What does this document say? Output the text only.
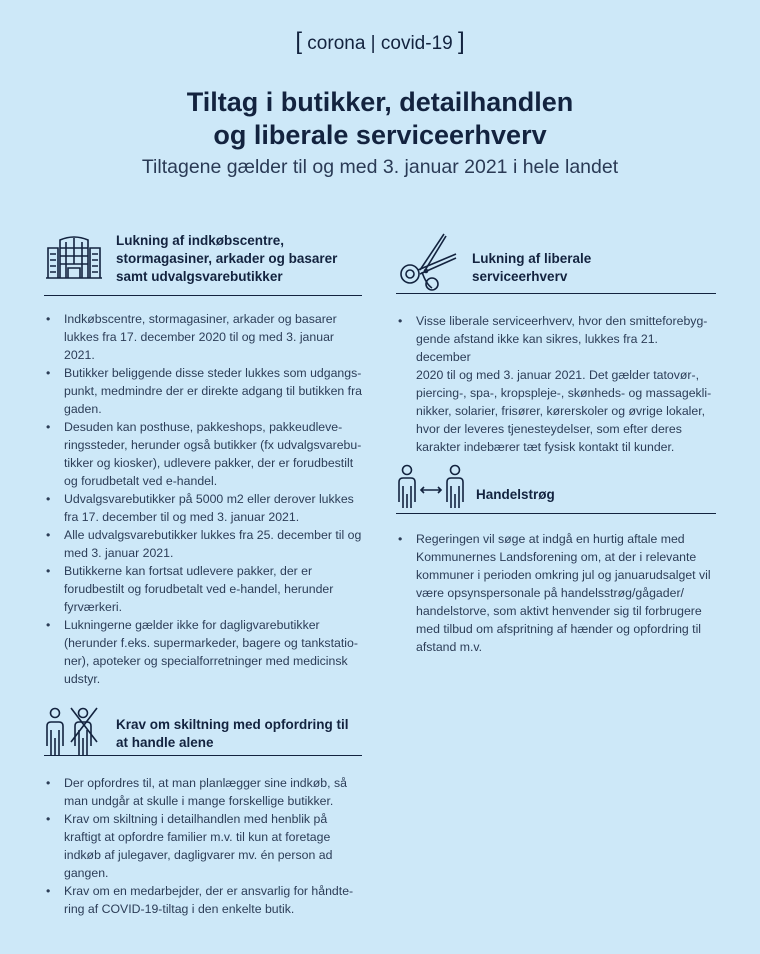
[ corona | covid-19 ]
Tiltag i butikker, detailhandlen
og liberale serviceerhverv
Tiltagene gælder til og med 3. januar 2021 i hele landet
Lukning af indkøbscentre,
stormagasiner, arkader og basarer
samt udvalgsvarebutikker
• Indkøbscentre, stormagasiner, arkader og basarer
lukkes fra 17. december 2020 til og med 3. januar
2021.
• Butikker beliggende disse steder lukkes som udgangs-
punkt, medmindre der er direkte adgang til butikken fra
gaden.
• Desuden kan posthuse, pakkeshops, pakkeudleve-
ringssteder, herunder også butikker (fx udvalgsvarebu-
tikker og kiosker), udlevere pakker, der er forudbestilt
og forudbetalt ved e-handel.
• Udvalgsvarebutikker på 5000 m2 eller derover lukkes
fra 17. december til og med 3. januar 2021.
• Alle udvalgsvarebutikker lukkes fra 25. december til og
med 3. januar 2021.
• Butikkerne kan fortsat udlevere pakker, der er
forudbestilt og forudbetalt ved e-handel, herunder
fyrværkeri.
• Lukningerne gælder ikke for dagligvarebutikker
(herunder f.eks. supermarkeder, bagere og tankstatio-
ner), apoteker og specialforretninger med medicinsk
udstyr.
Lukning af liberale
serviceerhverv
• Visse liberale serviceerhverv, hvor den smitteforebyg-
gende afstand ikke kan sikres, lukkes fra 21. december
2020 til og med 3. januar 2021. Det gælder tatovør-,
piercing-, spa-, kropspleje-, skønheds- og massagekli-
nikker, solarier, frisører, kørerskoler og øvrige lokaler,
hvor der leveres tjenesteydelser, som efter deres
karakter indebærer tæt fysisk kontakt til kunder.
Handelstrøg
• Regeringen vil søge at indgå en hurtig aftale med
Kommunernes Landsforening om, at der i relevante
kommuner i perioden omkring jul og januarudsalget vil
være opsynspersonale på handelsstrøg/gågader/
handelstorve, som aktivt henvender sig til forbrugere
med tilbud om afspritning af hænder og opfordring til
afstand m.v.
Krav om skiltning med opfordring til
at handle alene
• Der opfordres til, at man planlægger sine indkøb, så
man undgår at skulle i mange forskellige butikker.
• Krav om skiltning i detailhandlen med henblik på
kraftigt at opfordre familier m.v. til kun at foretage
indkøb af julegaver, dagligvarer mv. én person ad
gangen.
• Krav om en medarbejder, der er ansvarlig for håndte-
ring af COVID-19-tiltag i den enkelte butik.
